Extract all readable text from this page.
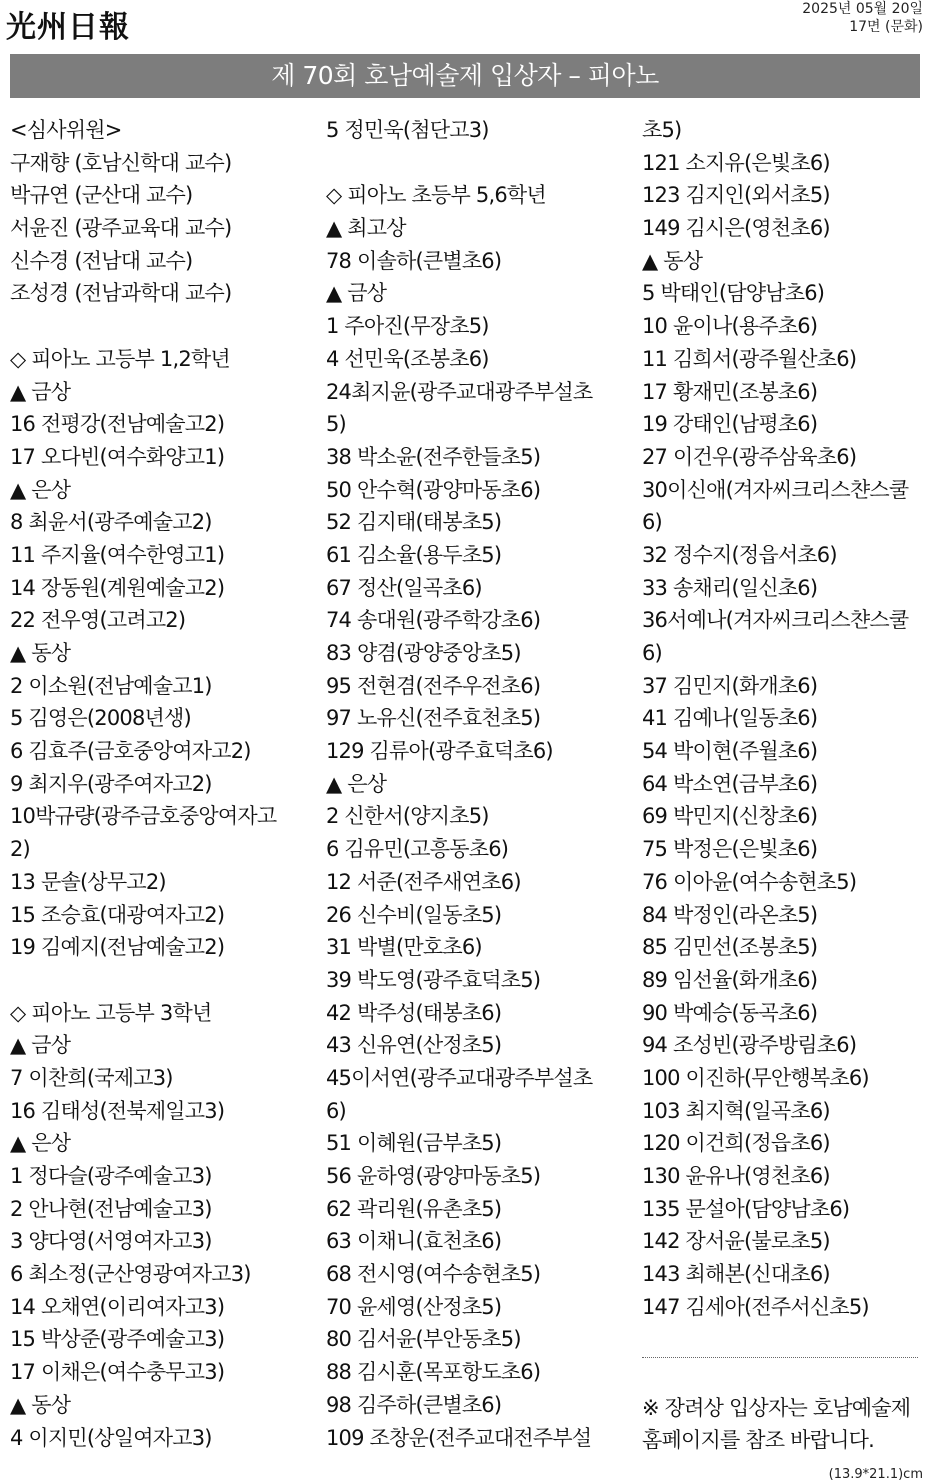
光州日報
2025년 05월 20일
17면 (문화)
제 70회 호남예술제 입상자 – 피아노
<심사위원>
구재향 (호남신학대 교수)
박규연 (군산대 교수)
서윤진 (광주교육대 교수)
신수경 (전남대 교수)
조성경 (전남과학대 교수)
◇ 피아노 고등부 1,2학년
▲ 금상
16 전평강(전남예술고2)
17 오다빈(여수화양고1)
▲ 은상
8 최윤서(광주예술고2)
11 주지율(여수한영고1)
14 장동원(계원예술고2)
22 전우영(고려고2)
▲ 동상
2 이소원(전남예술고1)
5 김영은(2008년생)
6 김효주(금호중앙여자고2)
9 최지우(광주여자고2)
10박규량(광주금호중앙여자고
2)
13 문솔(상무고2)
15 조승효(대광여자고2)
19 김예지(전남예술고2)
◇ 피아노 고등부 3학년
▲ 금상
7 이찬희(국제고3)
16 김태성(전북제일고3)
▲ 은상
1 정다슬(광주예술고3)
2 안나현(전남예술고3)
3 양다영(서영여자고3)
6 최소정(군산영광여자고3)
14 오채연(이리여자고3)
15 박상준(광주예술고3)
17 이채은(여수충무고3)
▲ 동상
4 이지민(상일여자고3)
5 정민욱(첨단고3)
◇ 피아노 초등부 5,6학년
▲ 최고상
78 이솔하(큰별초6)
▲ 금상
1 주아진(무장초5)
4 선민욱(조봉초6)
24최지윤(광주교대광주부설초
5)
38 박소윤(전주한들초5)
50 안수혁(광양마동초6)
52 김지태(태봉초5)
61 김소율(용두초5)
67 정산(일곡초6)
74 송대원(광주학강초6)
83 양겸(광양중앙초5)
95 전현겸(전주우전초6)
97 노유신(전주효천초5)
129 김류아(광주효덕초6)
▲ 은상
2 신한서(양지초5)
6 김유민(고흥동초6)
12 서준(전주새연초6)
26 신수비(일동초5)
31 박별(만호초6)
39 박도영(광주효덕초5)
42 박주성(태봉초6)
43 신유연(산정초5)
45이서연(광주교대광주부설초
6)
51 이혜원(금부초5)
56 윤하영(광양마동초5)
62 곽리원(유촌초5)
63 이채니(효천초6)
68 전시영(여수송현초5)
70 윤세영(산정초5)
80 김서윤(부안동초5)
88 김시훈(목포항도초6)
98 김주하(큰별초6)
109 조창운(전주교대전주부설
초5)
121 소지유(은빛초6)
123 김지인(외서초5)
149 김시은(영천초6)
▲ 동상
5 박태인(담양남초6)
10 윤이나(용주초6)
11 김희서(광주월산초6)
17 황재민(조봉초6)
19 강태인(남평초6)
27 이건우(광주삼육초6)
30이신애(겨자씨크리스챤스쿨
6)
32 정수지(정읍서초6)
33 송채리(일신초6)
36서예나(겨자씨크리스챤스쿨
6)
37 김민지(화개초6)
41 김예나(일동초6)
54 박이현(주월초6)
64 박소연(금부초6)
69 박민지(신창초6)
75 박정은(은빛초6)
76 이아윤(여수송현초5)
84 박정인(라온초5)
85 김민선(조봉초5)
89 임선율(화개초6)
90 박예승(동곡초6)
94 조성빈(광주방림초6)
100 이진하(무안행복초6)
103 최지혁(일곡초6)
120 이건희(정읍초6)
130 윤유나(영천초6)
135 문설아(담양남초6)
142 장서윤(불로초5)
143 최해본(신대초6)
147 김세아(전주서신초5)
※ 장려상 입상자는 호남예술제 홈페이지를 참조 바랍니다.
(13.9*21.1)cm
